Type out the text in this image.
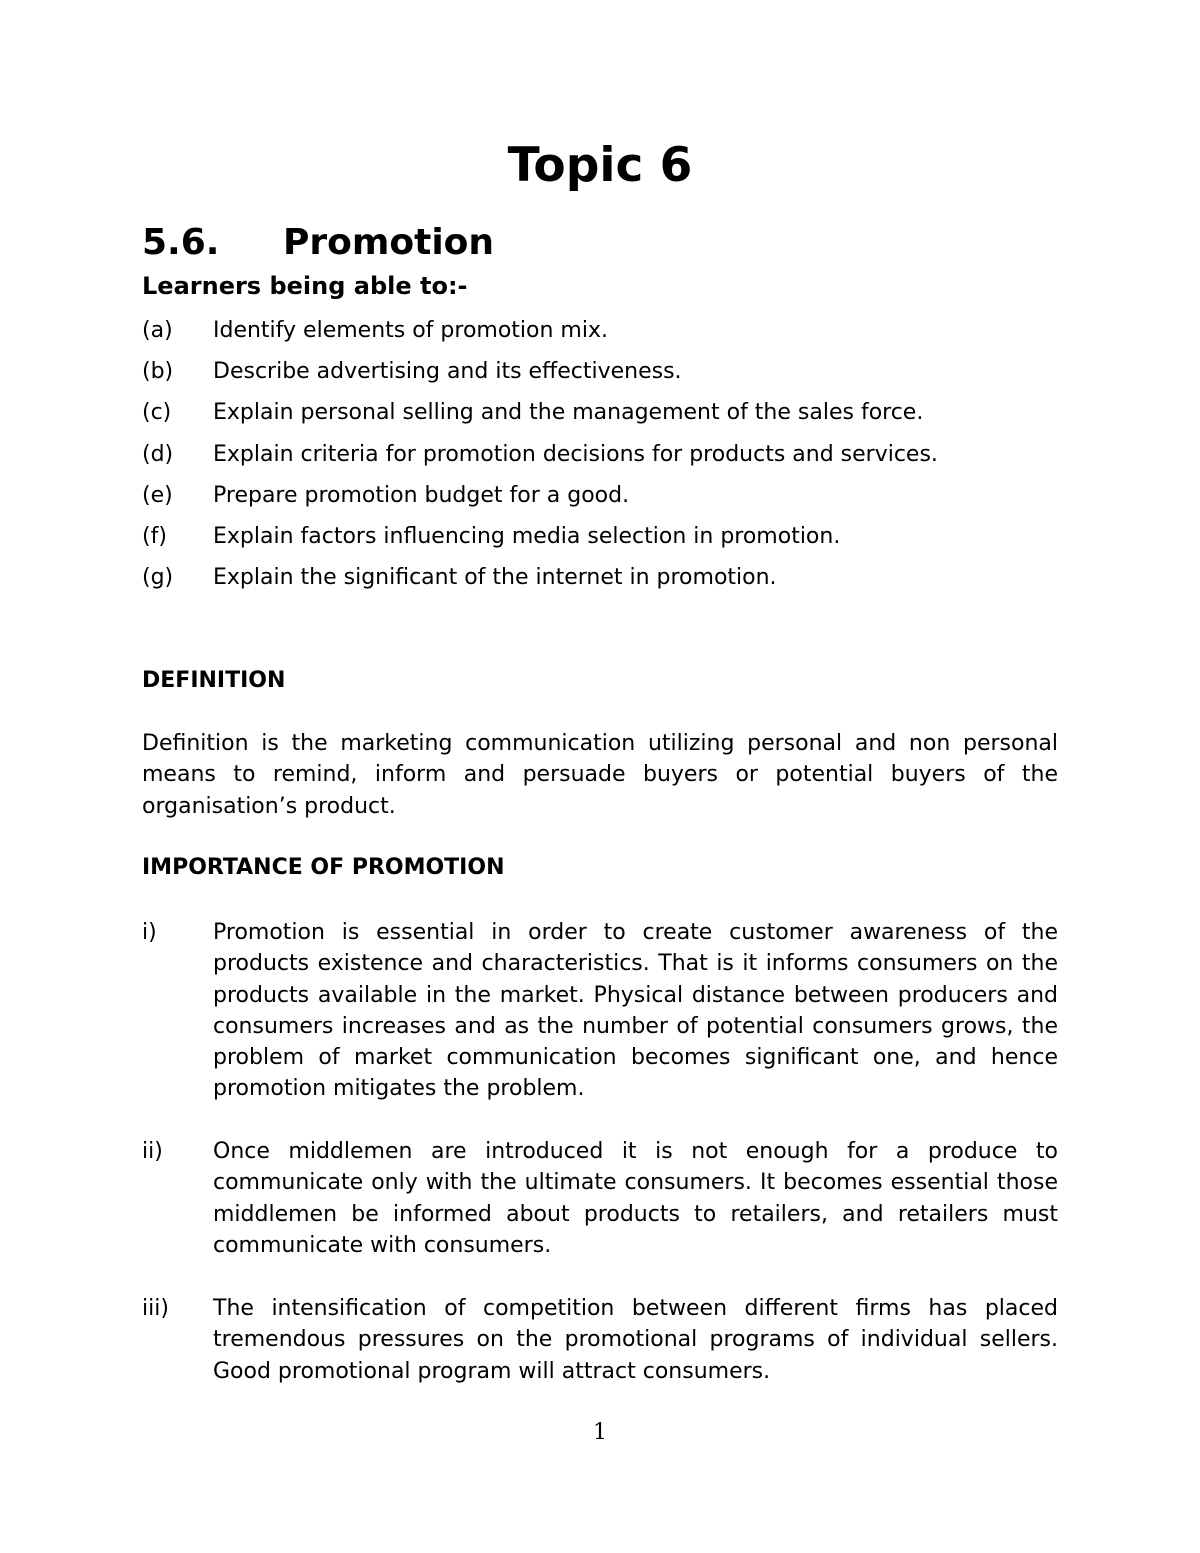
Topic 6
5.6. Promotion
Learners being able to:-
(a) Identify elements of promotion mix.
(b) Describe advertising and its effectiveness.
(c) Explain personal selling and the management of the sales force.
(d) Explain criteria for promotion decisions for products and services.
(e) Prepare promotion budget for a good.
(f) Explain factors influencing media selection in promotion.
(g) Explain the significant of the internet in promotion.
DEFINITION
Definition is the marketing communication utilizing personal and non personal means to remind, inform and persuade buyers or potential buyers of the organisation’s product.
IMPORTANCE OF PROMOTION
i)	Promotion is essential in order to create customer awareness of the products existence and characteristics. That is it informs consumers on the products available in the market. Physical distance between producers and consumers increases and as the number of potential consumers grows, the problem of market communication becomes significant one, and hence promotion mitigates the problem.
ii) Once middlemen are introduced it is not enough for a produce to communicate only with the ultimate consumers. It becomes essential those middlemen be informed about products to retailers, and retailers must communicate with consumers.
iii) The intensification of competition between different firms has placed tremendous pressures on the promotional programs of individual sellers. Good promotional program will attract consumers.
1
